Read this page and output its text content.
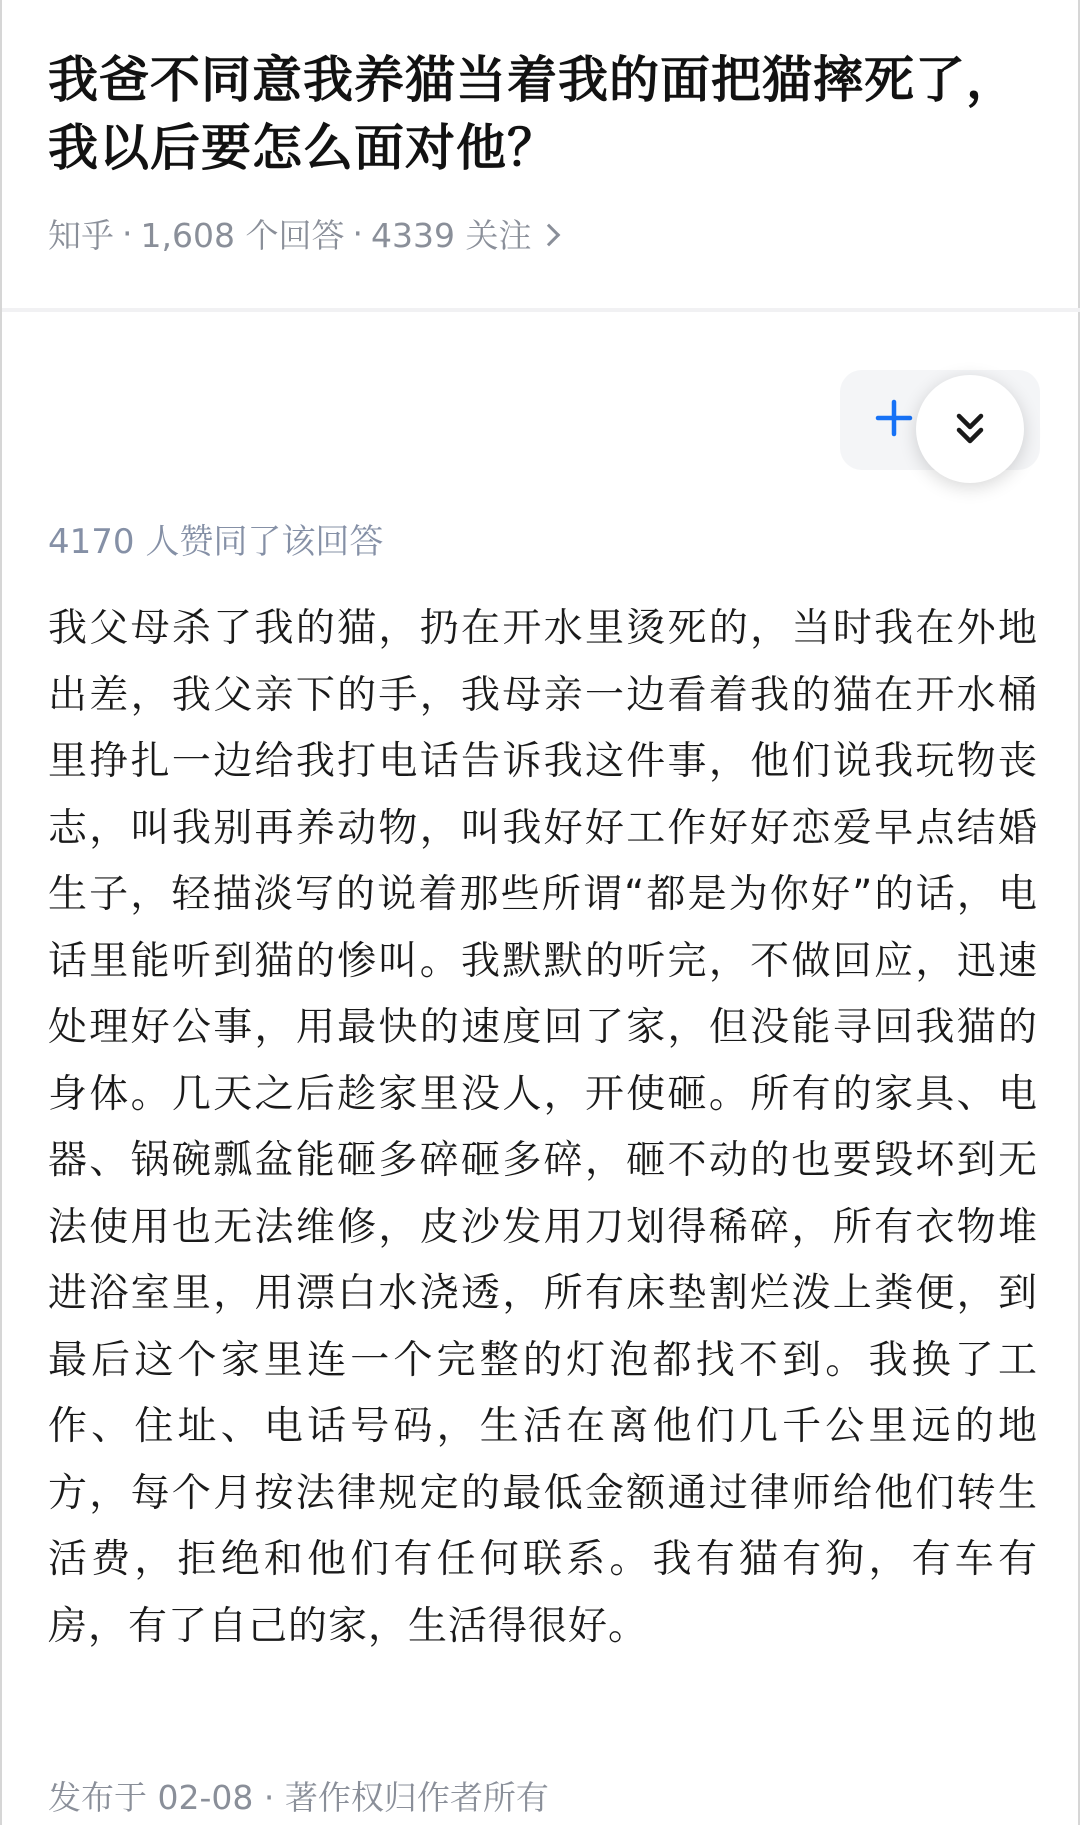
我爸不同意我养猫当着我的面把猫摔死了，我以后要怎么面对他？
知乎 · 1,608 个回答 · 4339 关注
4170 人赞同了该回答

我父母杀了我的猫，扔在开水里烫死的，当时我在外地出差，我父亲下的手，我母亲一边看着我的猫在开水桶里挣扎一边给我打电话告诉我这件事，他们说我玩物丧志，叫我别再养动物，叫我好好工作好好恋爱早点结婚生子，轻描淡写的说着那些所谓“都是为你好”的话，电话里能听到猫的惨叫。我默默的听完，不做回应，迅速处理好公事，用最快的速度回了家，但没能寻回我猫的身体。几天之后趁家里没人，开使砸。所有的家具、电器、锅碗瓢盆能砸多碎砸多碎，砸不动的也要毁坏到无法使用也无法维修，皮沙发用刀划得稀碎，所有衣物堆进浴室里，用漂白水浇透，所有床垫割烂泼上粪便，到最后这个家里连一个完整的灯泡都找不到。我换了工作、住址、电话号码，生活在离他们几千公里远的地方，每个月按法律规定的最低金额通过律师给他们转生活费，拒绝和他们有任何联系。我有猫有狗，有车有房，有了自己的家，生活得很好。

发布于 02-08 · 著作权归作者所有
